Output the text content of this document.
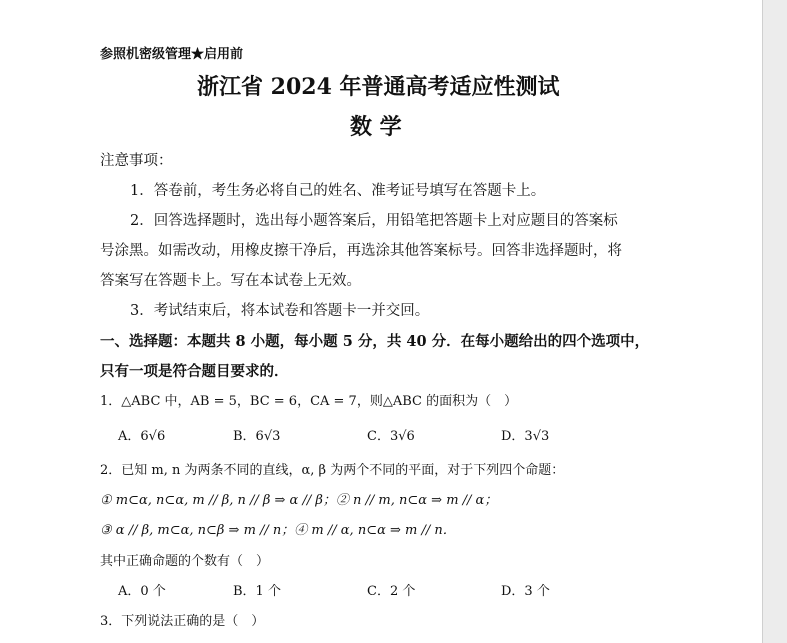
参照机密级管理★启用前
浙江省 2024 年普通高考适应性测试
数 学
注意事项：
1．答卷前，考生务必将自己的姓名、准考证号填写在答题卡上。
2．回答选择题时，选出每小题答案后，用铅笔把答题卡上对应题目的答案标
号涂黑。如需改动，用橡皮擦干净后，再选涂其他答案标号。回答非选择题时，将
答案写在答题卡上。写在本试卷上无效。
3．考试结束后，将本试卷和答题卡一并交回。
一、选择题：本题共 8 小题，每小题 5 分，共 40 分．在每小题给出的四个选项中，
只有一项是符合题目要求的．
1．△ABC 中，AB = 5，BC = 6，CA = 7，则△ABC 的面积为（　）
A．6√6	B．6√3	C．3√6	D．3√3
2．已知 m, n 为两条不同的直线，α, β 为两个不同的平面，对于下列四个命题：
① m⊂α, n⊂α, m // β, n // β ⇒ α // β；② n // m, n⊂α ⇒ m // α；
③ α // β, m⊂α, n⊂β ⇒ m // n；④ m // α, n⊂α ⇒ m // n．
其中正确命题的个数有（　）
A．0 个	B．1 个	C．2 个	D．3 个
3．下列说法正确的是（　）
